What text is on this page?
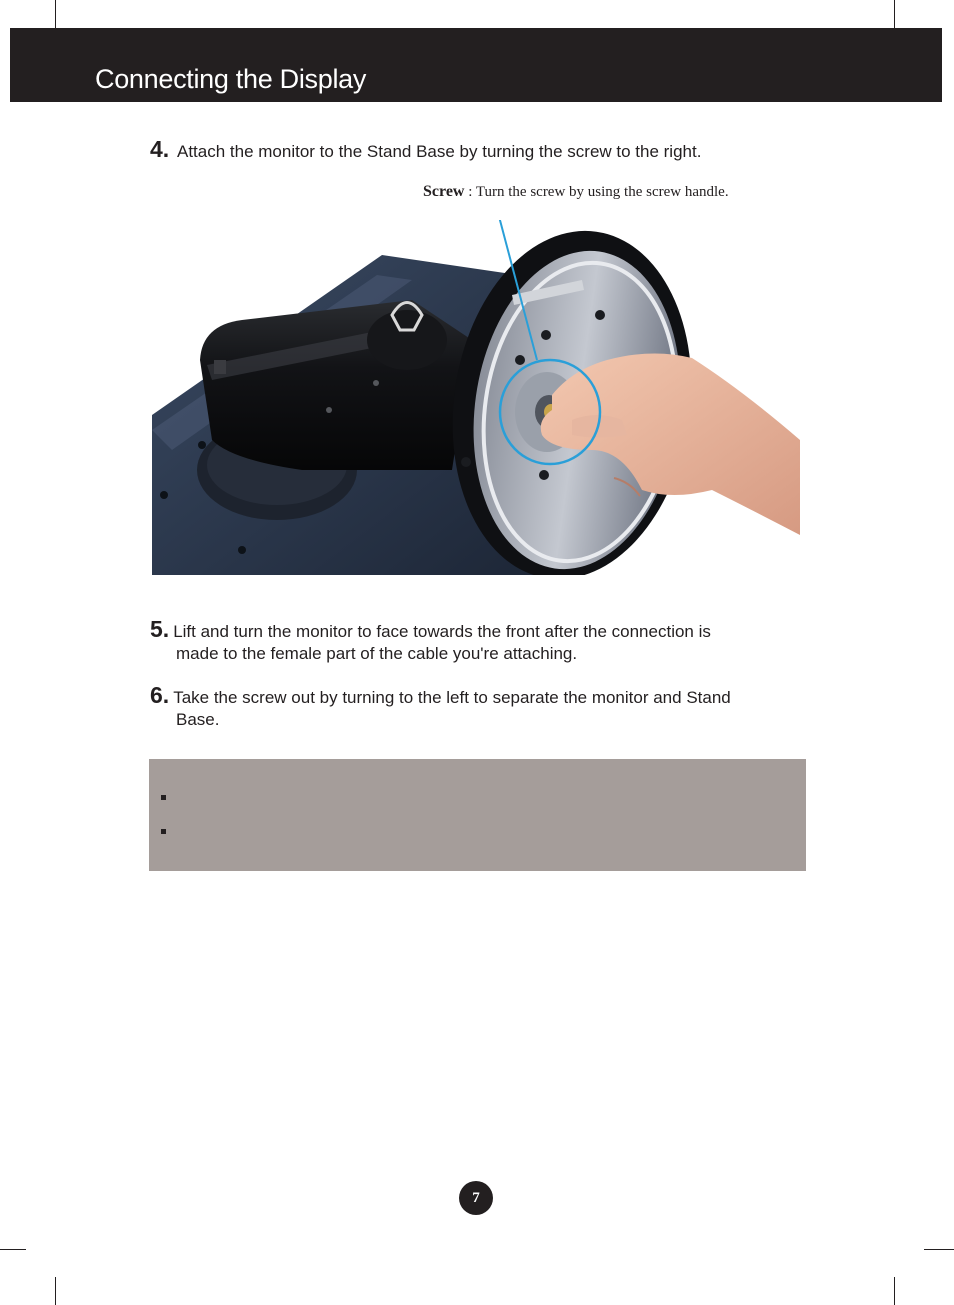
Connecting the Display
4. Attach the monitor to the Stand Base by turning the screw to the right.
Screw : Turn the screw by using the screw handle.
5. Lift and turn the monitor to face towards the front after the connection is
made to the female part of the cable you're attaching.
6. Take the screw out by turning to the left to separate the monitor and Stand
Base.
7
